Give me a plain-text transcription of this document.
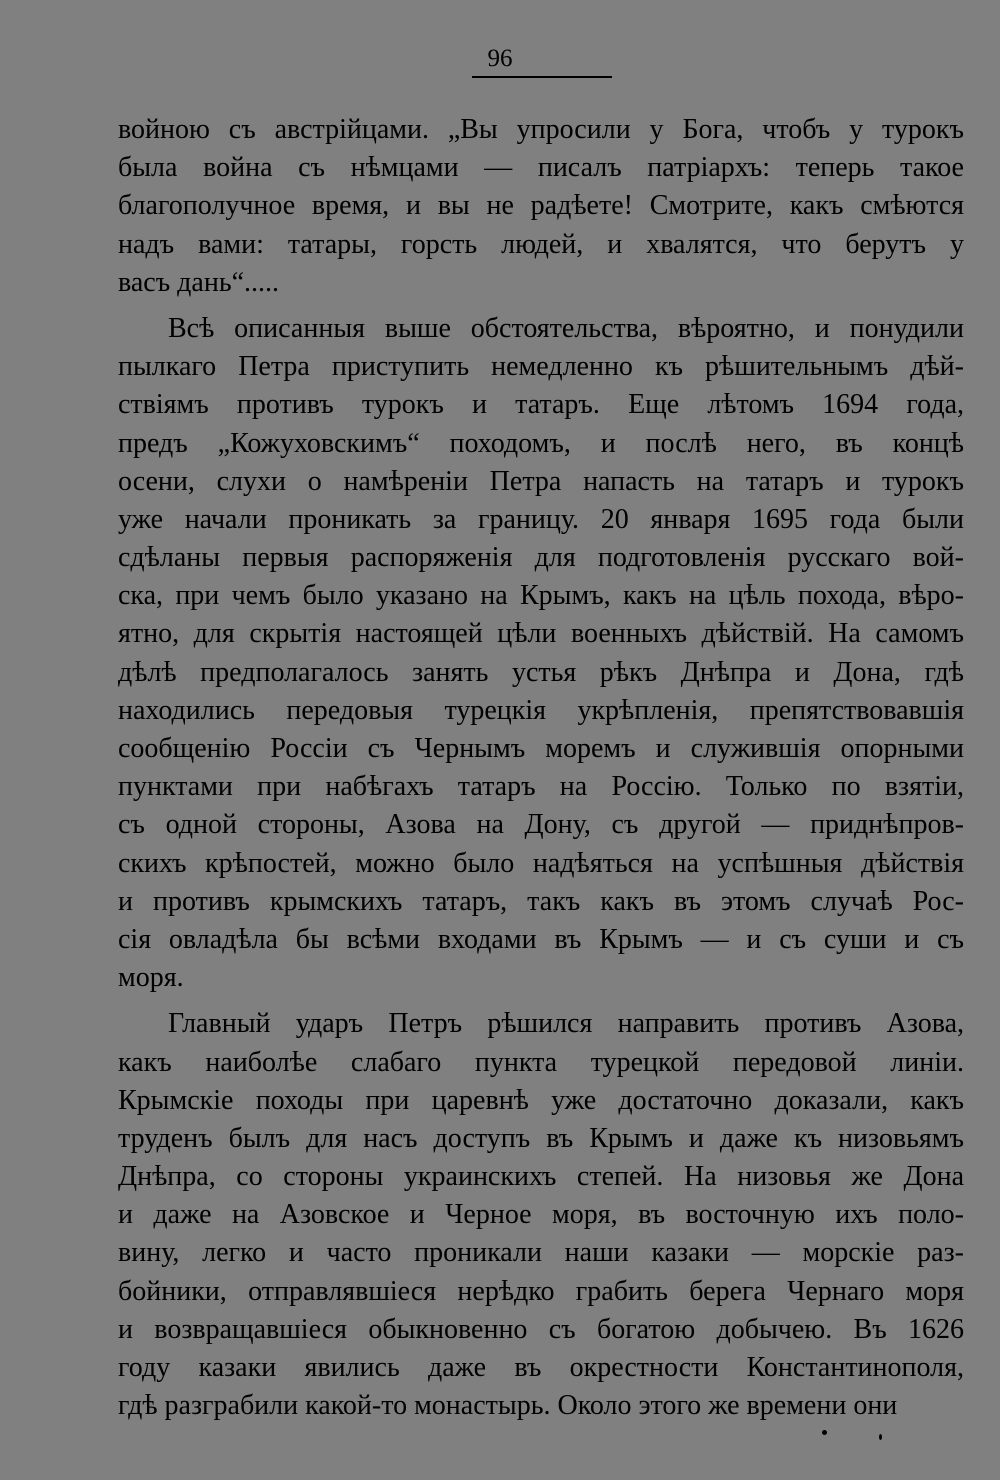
96
войною съ австрійцами. „Вы упросили у Бога, чтобъ у турокъ
была война съ нѣмцами — писалъ патріархъ: теперь такое
благополучное время, и вы не радѣете! Смотрите, какъ смѣются
надъ вами: татары, горсть людей, и хвалятся, что берутъ у
васъ дань“.....
Всѣ описанныя выше обстоятельства, вѣроятно, и понудили
пылкаго Петра приступить немедленно къ рѣшительнымъ дѣй-
ствіямъ противъ турокъ и татаръ. Еще лѣтомъ 1694 года,
предъ „Кожуховскимъ“ походомъ, и послѣ него, въ концѣ
осени, слухи о намѣреніи Петра напасть на татаръ и турокъ
уже начали проникать за границу. 20 января 1695 года были
сдѣланы первыя распоряженія для подготовленія русскаго вой-
ска, при чемъ было указано на Крымъ, какъ на цѣль похода, вѣро-
ятно, для скрытія настоящей цѣли военныхъ дѣйствій. На самомъ
дѣлѣ предполагалось занять устья рѣкъ Днѣпра и Дона, гдѣ
находились передовыя турецкія укрѣпленія, препятствовавшія
сообщенію Россіи съ Чернымъ моремъ и служившія опорными
пунктами при набѣгахъ татаръ на Россію. Только по взятіи,
съ одной стороны, Азова на Дону, съ другой — приднѣпров-
скихъ крѣпостей, можно было надѣяться на успѣшныя дѣйствія
и противъ крымскихъ татаръ, такъ какъ въ этомъ случаѣ Рос-
сія овладѣла бы всѣми входами въ Крымъ — и съ суши и съ
моря.
Главный ударъ Петръ рѣшился направить противъ Азова,
какъ наиболѣе слабаго пункта турецкой передовой линіи.
Крымскіе походы при царевнѣ уже достаточно доказали, какъ
труденъ былъ для насъ доступъ въ Крымъ и даже къ низовьямъ
Днѣпра, со стороны украинскихъ степей. На низовья же Дона
и даже на Азовское и Черное моря, въ восточную ихъ поло-
вину, легко и часто проникали наши казаки — морскіе раз-
бойники, отправлявшіеся нерѣдко грабить берега Чернаго моря
и возвращавшіеся обыкновенно съ богатою добычею. Въ 1626
году казаки явились даже въ окрестности Константинополя,
гдѣ разграбили какой-то монастырь. Около этого же времени они
